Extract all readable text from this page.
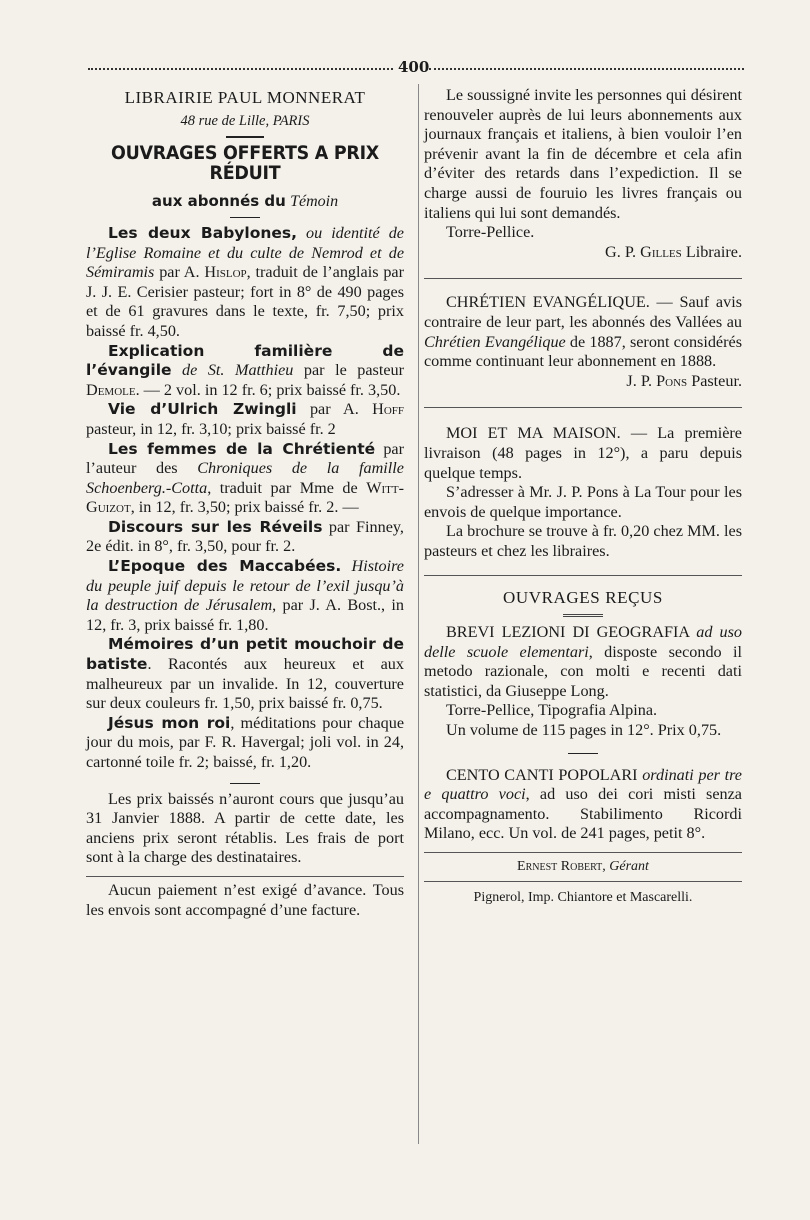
400

LIBRAIRIE PAUL MONNERAT

48 rue de Lille, PARIS

OUVRAGES OFFERTS A PRIX RÉDUIT

aux abonnés du Témoin

Les deux Babylones, ou identité de l’Eglise Romaine et du culte de Nemrod et de Sémiramis par A. Hislop, traduit de l’anglais par J. J. E. Cerisier pasteur; fort in 8° de 490 pages et de 61 gravures dans le texte, fr. 7,50; prix baissé fr. 4,50.

Explication familière de l’évangile de St. Matthieu par le pasteur Demole. — 2 vol. in 12 fr. 6; prix baissé fr. 3,50.

Vie d’Ulrich Zwingli par A. Hoff pasteur, in 12, fr. 3,10; prix baissé fr. 2

Les femmes de la Chrétienté par l’auteur des Chroniques de la famille Schoenberg.-Cotta, traduit par Mme de Witt-Guizot, in 12, fr. 3,50; prix baissé fr. 2. —

Discours sur les Réveils par Finney, 2e édit. in 8°, fr. 3,50, pour fr. 2.

L’Epoque des Maccabées. Histoire du peuple juif depuis le retour de l’exil jusqu’à la destruction de Jérusalem, par J. A. Bost., in 12, fr. 3, prix baissé fr. 1,80.

Mémoires d’un petit mouchoir de batiste. Racontés aux heureux et aux malheureux par un invalide. In 12, couverture sur deux couleurs fr. 1,50, prix baissé fr. 0,75.

Jésus mon roi, méditations pour chaque jour du mois, par F. R. Havergal; joli vol. in 24, cartonné toile fr. 2; baissé, fr. 1,20.

Les prix baissés n’auront cours que jusqu’au 31 Janvier 1888. A partir de cette date, les anciens prix seront rétablis. Les frais de port sont à la charge des destinataires.

Aucun paiement n’est exigé d’avance. Tous les envois sont accompagné d’une facture.

Le soussigné invite les personnes qui désirent renouveler auprès de lui leurs abonnements aux journaux français et italiens, à bien vouloir l’en prévenir avant la fin de décembre et cela afin d’éviter des retards dans l’expediction. Il se charge aussi de fouruio les livres français ou italiens qui lui sont demandés.

Torre-Pellice.

G. P. Gilles Libraire.

CHRÉTIEN EVANGÉLIQUE. — Sauf avis contraire de leur part, les abonnés des Vallées au Chrétien Evangélique de 1887, seront considérés comme continuant leur abonnement en 1888.

J. P. Pons Pasteur.

MOI ET MA MAISON. — La première livraison (48 pages in 12°), a paru depuis quelque temps.

S’adresser à Mr. J. P. Pons à La Tour pour les envois de quelque importance.

La brochure se trouve à fr. 0,20 chez MM. les pasteurs et chez les libraires.

OUVRAGES REÇUS

BREVI LEZIONI DI GEOGRAFIA ad uso delle scuole elementari, disposte secondo il metodo razionale, con molti e recenti dati statistici, da Giuseppe Long.

Torre-Pellice, Tipografia Alpina.

Un volume de 115 pages in 12°. Prix 0,75.

CENTO CANTI POPOLARI ordinati per tre e quattro voci, ad uso dei cori misti senza accompagnamento. Stabilimento Ricordi Milano, ecc. Un vol. de 241 pages, petit 8°.

Ernest Robert, Gérant

Pignerol, Imp. Chiantore et Mascarelli.
